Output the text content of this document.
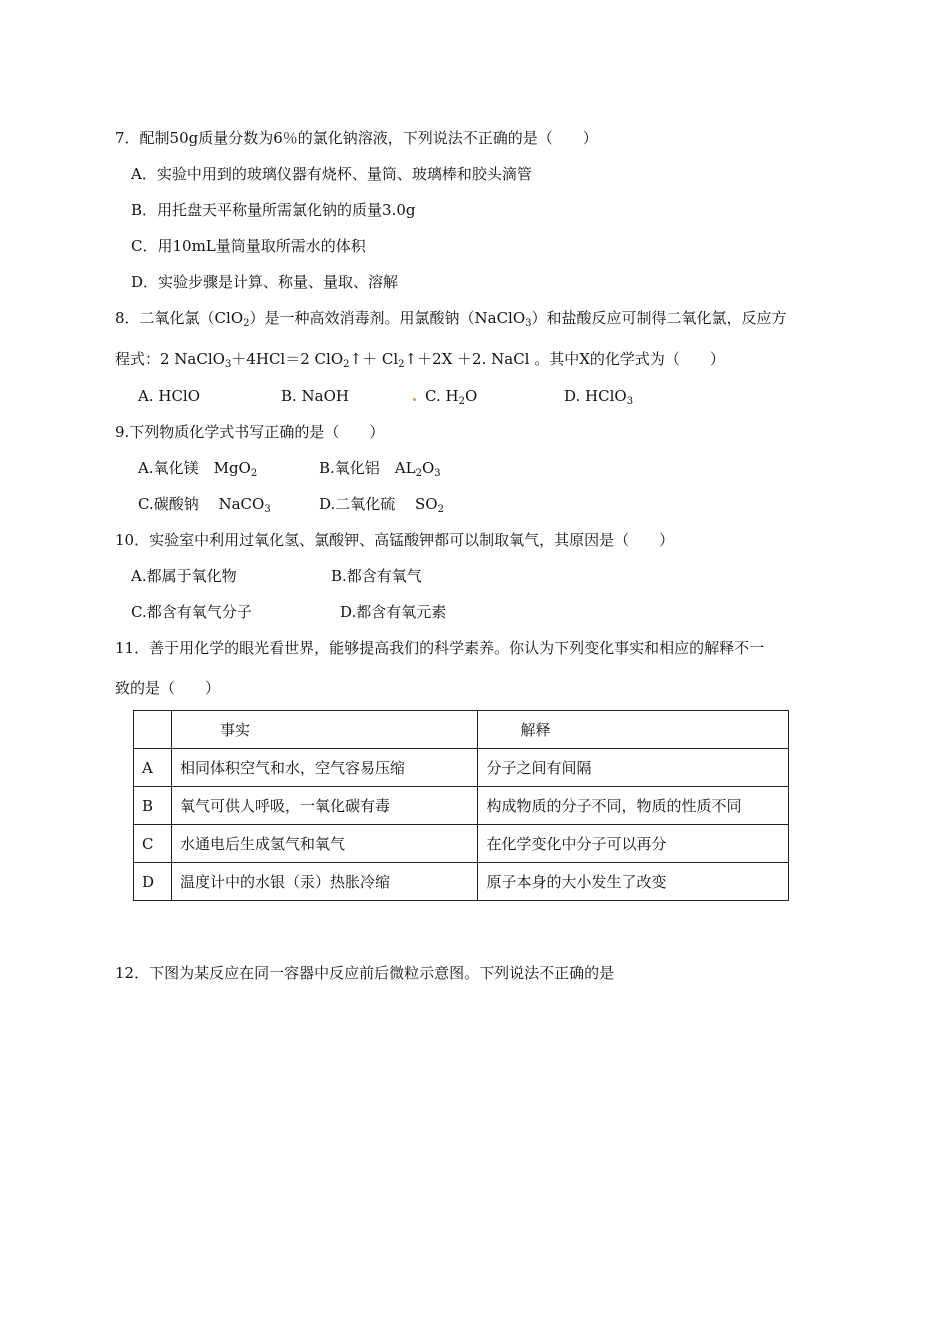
7．配制50g质量分数为6％的氯化钠溶液，下列说法不正确的是（　　）
A．实验中用到的玻璃仪器有烧杯、量筒、玻璃棒和胶头滴管
B．用托盘天平称量所需氯化钠的质量3.0g
C．用10mL量筒量取所需水的体积
D．实验步骤是计算、称量、量取、溶解
8．二氧化氯（ClO$_2$）是一种高效消毒剂。用氯酸钠（NaClO$_3$）和盐酸反应可制得二氧化氯，反应方
程式：2 NaClO$_3$＋4HCl＝2 ClO$_2$↑＋ $Cl_2↑+2X +2$. NaCl 。其中X的化学式为（　　）
A. HClO	B. NaOH	C. $H_2O$	D. HClO$_3$
9.下列物质化学式书写正确的是（　　）
A.氧化镁　MgO$_2$	B.氧化铝　$AL_2O_3$
C.碳酸钠　 NaCO$_3$	D.二氧化硫　 $SO_2$
10．实验室中利用过氧化氢、氯酸钾、高锰酸钾都可以制取氧气，其原因是（　　）
A.都属于氧化物	B.都含有氧气
C.都含有氧气分子	D.都含有氧元素
11．善于用化学的眼光看世界，能够提高我们的科学素养。你认为下列变化事实和相应的解释不一
致的是（　　）
	事实	解释
A	相同体积空气和水，空气容易压缩	分子之间有间隔
B	氧气可供人呼吸，一氧化碳有毒	构成物质的分子不同，物质的性质不同
C	水通电后生成氢气和氧气	在化学变化中分子可以再分
D	温度计中的水银（汞）热胀冷缩	原子本身的大小发生了改变
12．下图为某反应在同一容器中反应前后微粒示意图。下列说法不正确的是
